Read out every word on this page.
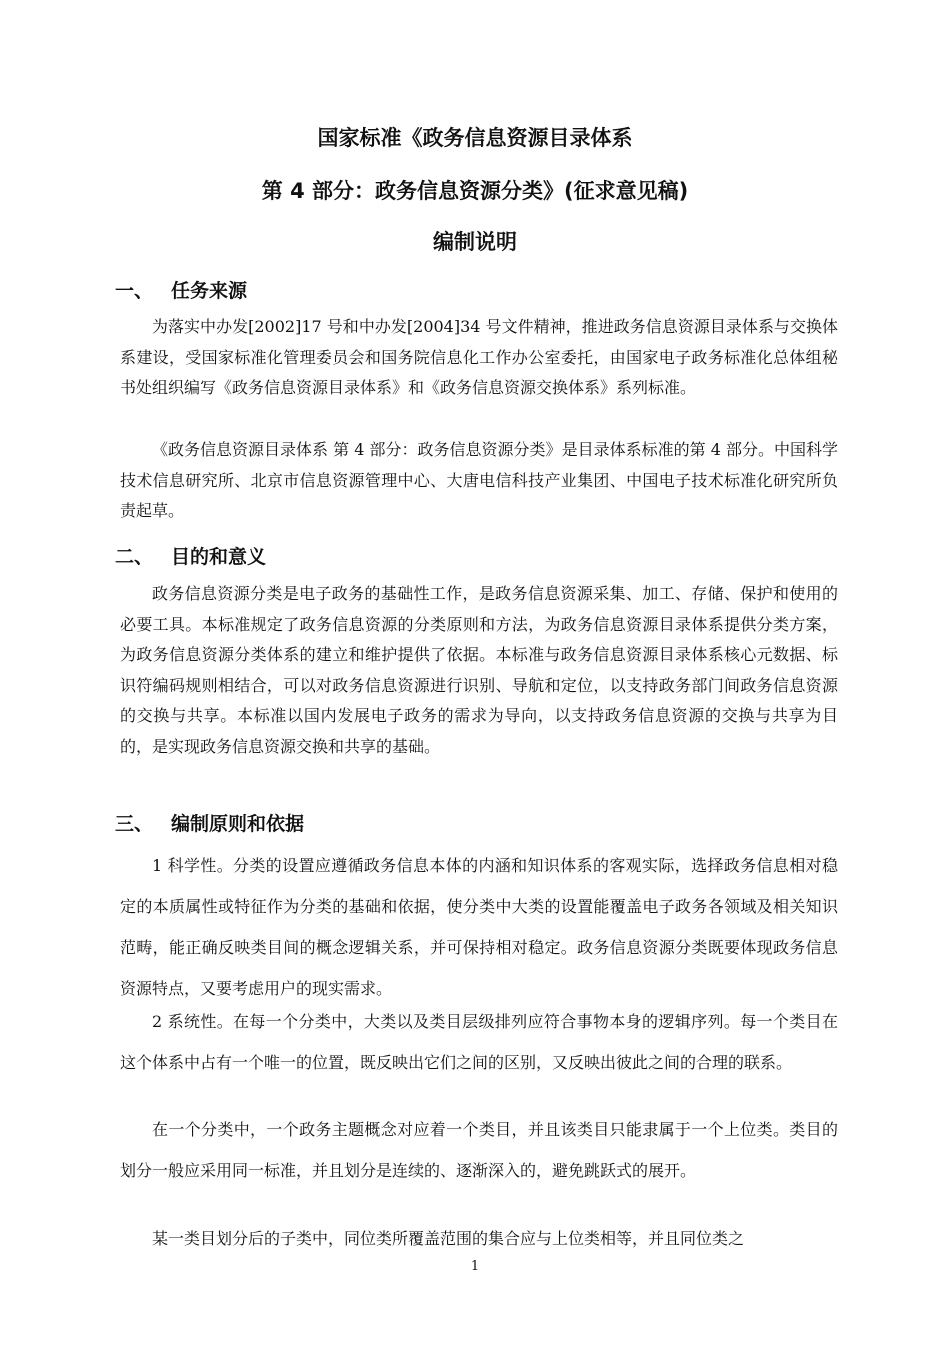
国家标准《政务信息资源目录体系
第 4 部分：政务信息资源分类》(征求意见稿)
编制说明
一、 任务来源

为落实中办发[2002]17 号和中办发[2004]34 号文件精神，推进政务信息资源目录体系与交换体系建设，受国家标准化管理委员会和国务院信息化工作办公室委托，由国家电子政务标准化总体组秘书处组织编写《政务信息资源目录体系》和《政务信息资源交换体系》系列标准。

《政务信息资源目录体系 第 4 部分：政务信息资源分类》是目录体系标准的第 4 部分。中国科学技术信息研究所、北京市信息资源管理中心、大唐电信科技产业集团、中国电子技术标准化研究所负责起草。

二、 目的和意义

政务信息资源分类是电子政务的基础性工作，是政务信息资源采集、加工、存储、保护和使用的必要工具。本标准规定了政务信息资源的分类原则和方法，为政务信息资源目录体系提供分类方案，为政务信息资源分类体系的建立和维护提供了依据。本标准与政务信息资源目录体系核心元数据、标识符编码规则相结合，可以对政务信息资源进行识别、导航和定位，以支持政务部门间政务信息资源的交换与共享。本标准以国内发展电子政务的需求为导向，以支持政务信息资源的交换与共享为目的，是实现政务信息资源交换和共享的基础。

三、 编制原则和依据

1 科学性。分类的设置应遵循政务信息本体的内涵和知识体系的客观实际，选择政务信息相对稳定的本质属性或特征作为分类的基础和依据，使分类中大类的设置能覆盖电子政务各领域及相关知识范畴，能正确反映类目间的概念逻辑关系，并可保持相对稳定。政务信息资源分类既要体现政务信息资源特点，又要考虑用户的现实需求。

2 系统性。在每一个分类中，大类以及类目层级排列应符合事物本身的逻辑序列。每一个类目在这个体系中占有一个唯一的位置，既反映出它们之间的区别，又反映出彼此之间的合理的联系。

在一个分类中，一个政务主题概念对应着一个类目，并且该类目只能隶属于一个上位类。类目的划分一般应采用同一标准，并且划分是连续的、逐渐深入的，避免跳跃式的展开。

某一类目划分后的子类中，同位类所覆盖范围的集合应与上位类相等，并且同位类之

1
